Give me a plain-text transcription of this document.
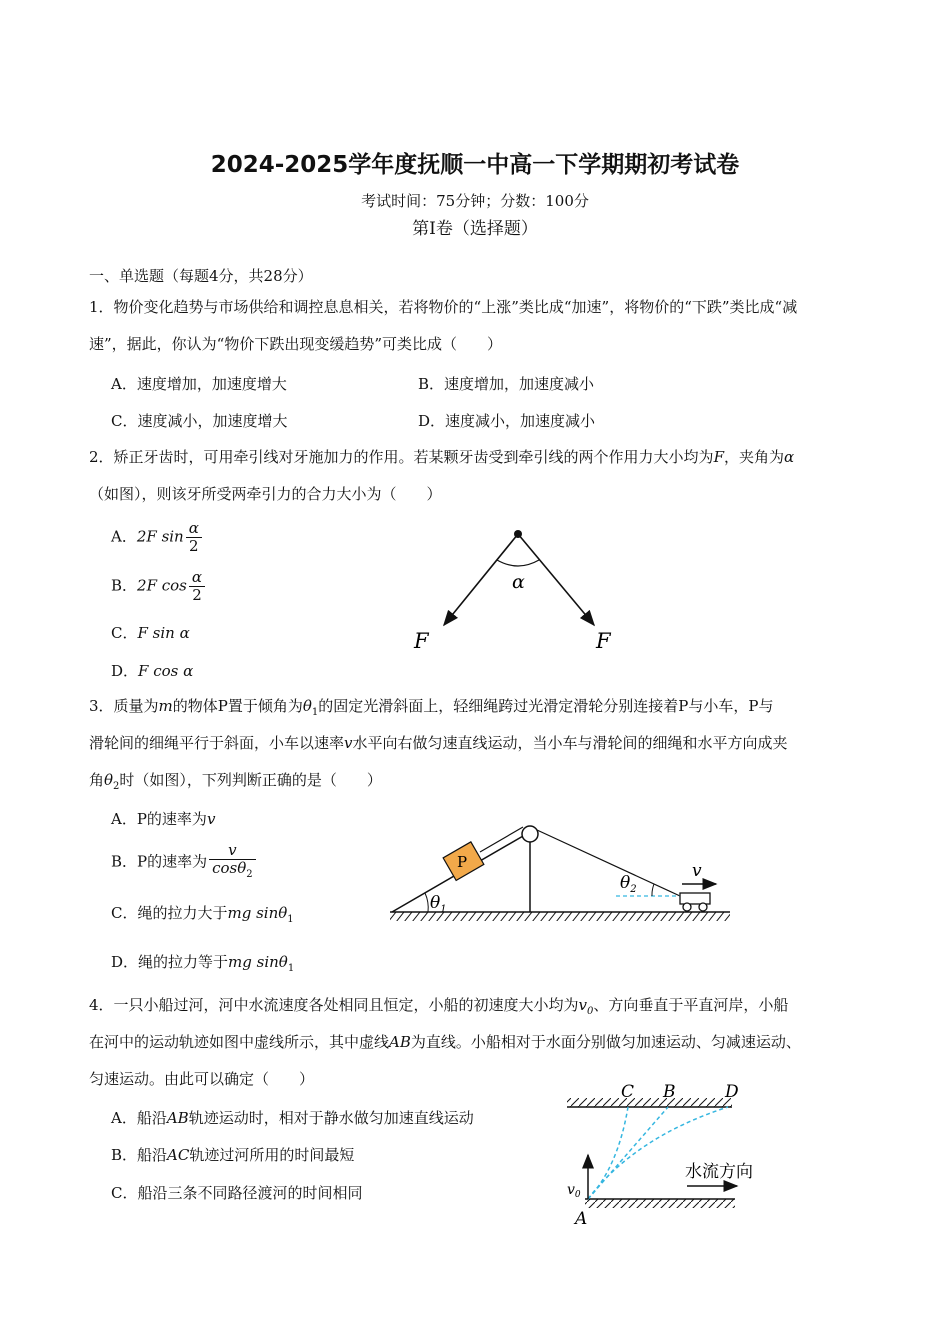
2024-2025学年度抚顺一中高一下学期期初考试卷
考试时间：75分钟；分数：100分
第Ⅰ卷（选择题）
一、单选题（每题4分，共28分）
1．物价变化趋势与市场供给和调控息息相关，若将物价的“上涨”类比成“加速”，将物价的“下跌”类比成“减
速”，据此，你认为“物价下跌出现变缓趋势”可类比成（　　）
A．速度增加，加速度增大	B．速度增加，加速度减小
C．速度减小，加速度增大	D．速度减小，加速度减小
2．矫正牙齿时，可用牵引线对牙施加力的作用。若某颗牙齿受到牵引线的两个作用力大小均为F，夹角为α
（如图），则该牙所受两牵引力的合力大小为（　　）
A．2F $\sin \frac{\alpha}{2}$
B．2F $\cos \frac{\alpha}{2}$
C．F sin α
D．F cos α
α
F	F
3．质量为m的物体P置于倾角为$\theta_1$的固定光滑斜面上，轻细绳跨过光滑定滑轮分别连接着P与小车，P与
滑轮间的细绳平行于斜面，小车以速率v水平向右做匀速直线运动，当小车与滑轮间的细绳和水平方向成夹
角$\theta_2$时（如图），下列判断正确的是（　　）
A．P的速率为v
B．P的速率为 $\frac{v}{\cos\theta_2}$
C．绳的拉力大于mg sinθ$_1$
D．绳的拉力等于mg sinθ$_1$
P
$\theta_1$
$\theta_2$
v
4．一只小船过河，河中水流速度各处相同且恒定，小船的初速度大小均为$v_0$、方向垂直于平直河岸，小船
在河中的运动轨迹如图中虚线所示，其中虚线AB为直线。小船相对于水面分别做匀加速运动、匀减速运动、
匀速运动。由此可以确定（　　）
A．船沿AB轨迹运动时，相对于静水做匀加速直线运动
B．船沿AC轨迹过河所用的时间最短
C．船沿三条不同路径渡河的时间相同	$v_0$
C B	D
A
水流方向
